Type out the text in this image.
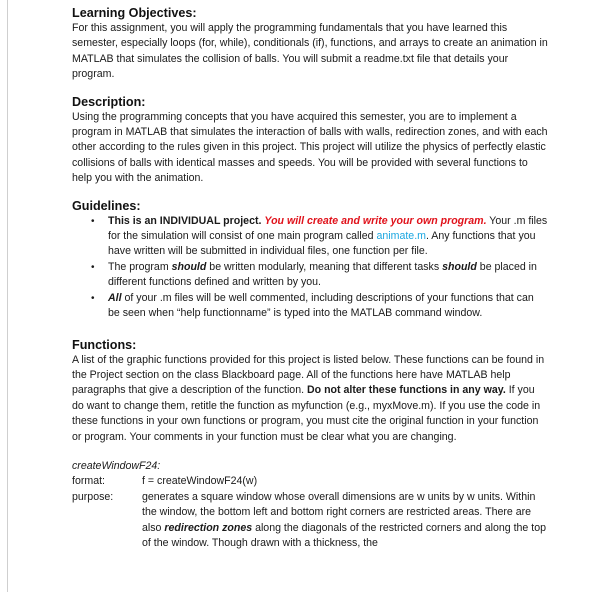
Learning Objectives:

For this assignment, you will apply the programming fundamentals that you have learned this semester, especially loops (for, while), conditionals (if), functions, and arrays to create an animation in MATLAB that simulates the collision of balls. You will submit a readme.txt file that details your program.

Description:

Using the programming concepts that you have acquired this semester, you are to implement a program in MATLAB that simulates the interaction of balls with walls, redirection zones, and with each other according to the rules given in this project. This project will utilize the physics of perfectly elastic collisions of balls with identical masses and speeds. You will be provided with several functions to help you with the animation.

Guidelines:
• This is an INDIVIDUAL project. You will create and write your own program. Your .m files for the simulation will consist of one main program called animate.m. Any functions that you have written will be submitted in individual files, one function per file.
• The program should be written modularly, meaning that different tasks should be placed in different functions defined and written by you.
• All of your .m files will be well commented, including descriptions of your functions that can be seen when “help functionname” is typed into the MATLAB command window.
Functions:

A list of the graphic functions provided for this project is listed below. These functions can be found in the Project section on the class Blackboard page. All of the functions here have MATLAB help paragraphs that give a description of the function. Do not alter these functions in any way. If you do want to change them, retitle the function as myfunction (e.g., myxMove.m). If you use the code in these functions in your own functions or program, you must cite the original function in your function or program. Your comments in your function must be clear what you are changing.

createWindowF24:
format:	f = createWindowF24(w)
purpose:	generates a square window whose overall dimensions are w units by w units. Within the window, the bottom left and bottom right corners are restricted areas. There are also redirection zones along the diagonals of the restricted corners and along the top of the window. Though drawn with a thickness, the
